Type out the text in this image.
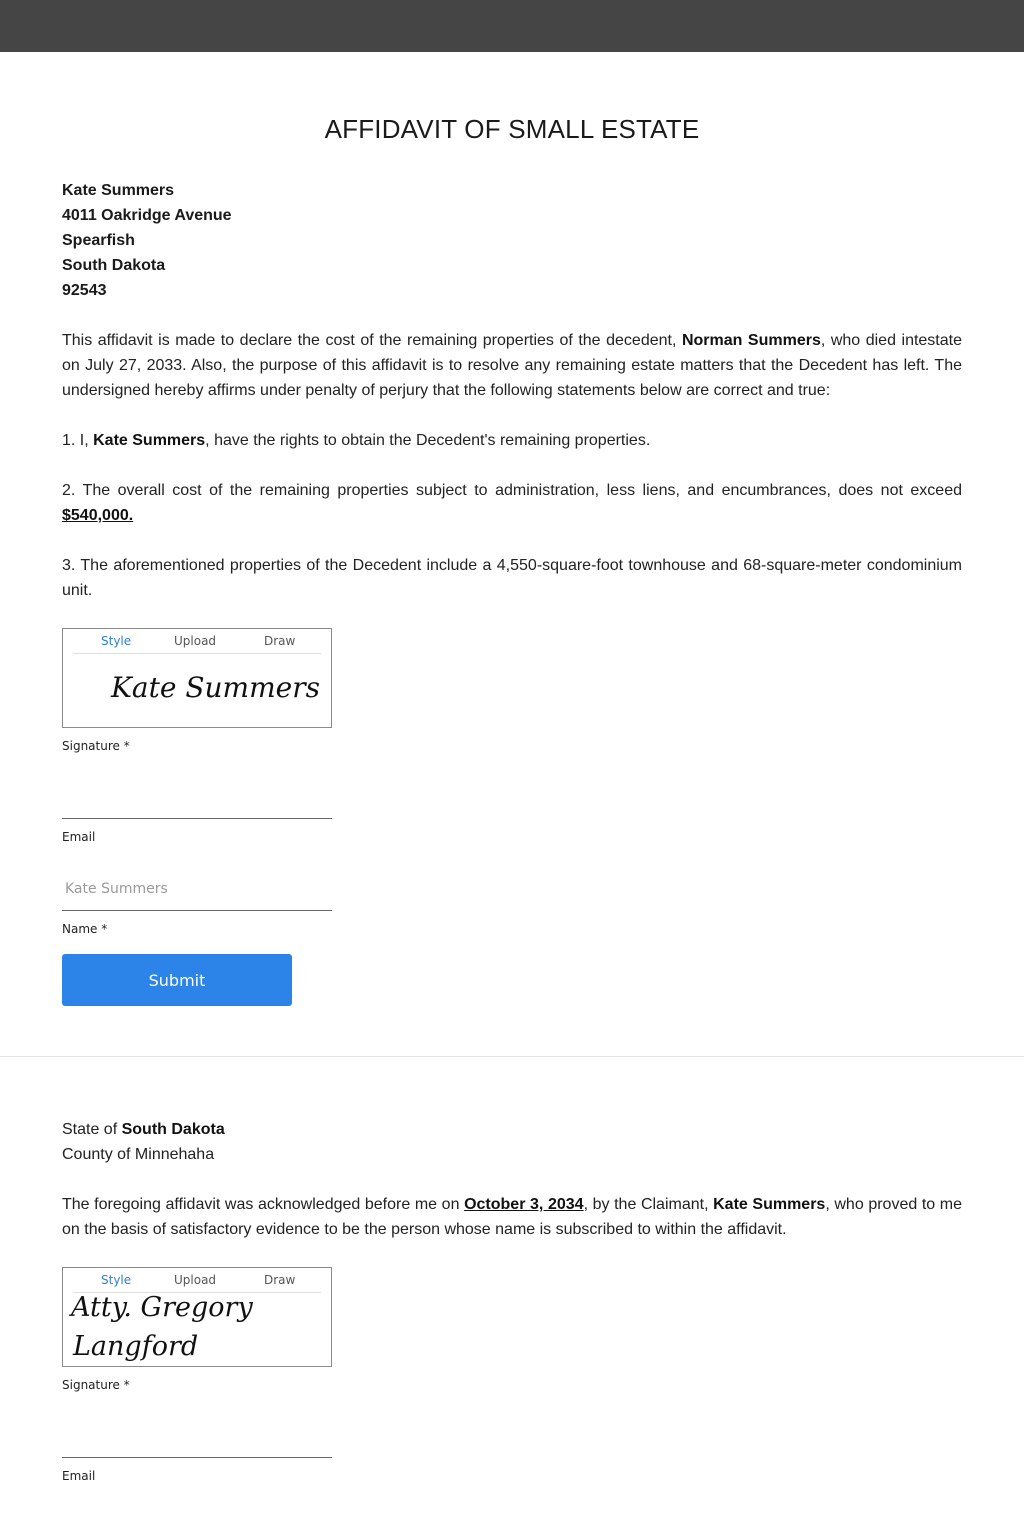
AFFIDAVIT OF SMALL ESTATE
Kate Summers
4011 Oakridge Avenue
Spearfish
South Dakota
92543

This affidavit is made to declare the cost of the remaining properties of the decedent, Norman Summers, who died intestate on July 27, 2033. Also, the purpose of this affidavit is to resolve any remaining estate matters that the Decedent has left. The undersigned hereby affirms under penalty of perjury that the following statements below are correct and true:

1. I, Kate Summers, have the rights to obtain the Decedent's remaining properties.

2. The overall cost of the remaining properties subject to administration, less liens, and encumbrances, does not exceed $540,000.

3. The aforementioned properties of the Decedent include a 4,550-square-foot townhouse and 68-square-meter condominium unit.

Style	Upload	Draw
Kate Summers
Signature *
Email
Kate Summers
Name *
Submit
State of South Dakota
County of Minnehaha

The foregoing affidavit was acknowledged before me on October 3, 2034, by the Claimant, Kate Summers, who proved to me on the basis of satisfactory evidence to be the person whose name is subscribed to within the affidavit.

Style	Upload	Draw
Atty. Gregory
Langford
Signature *
Email
